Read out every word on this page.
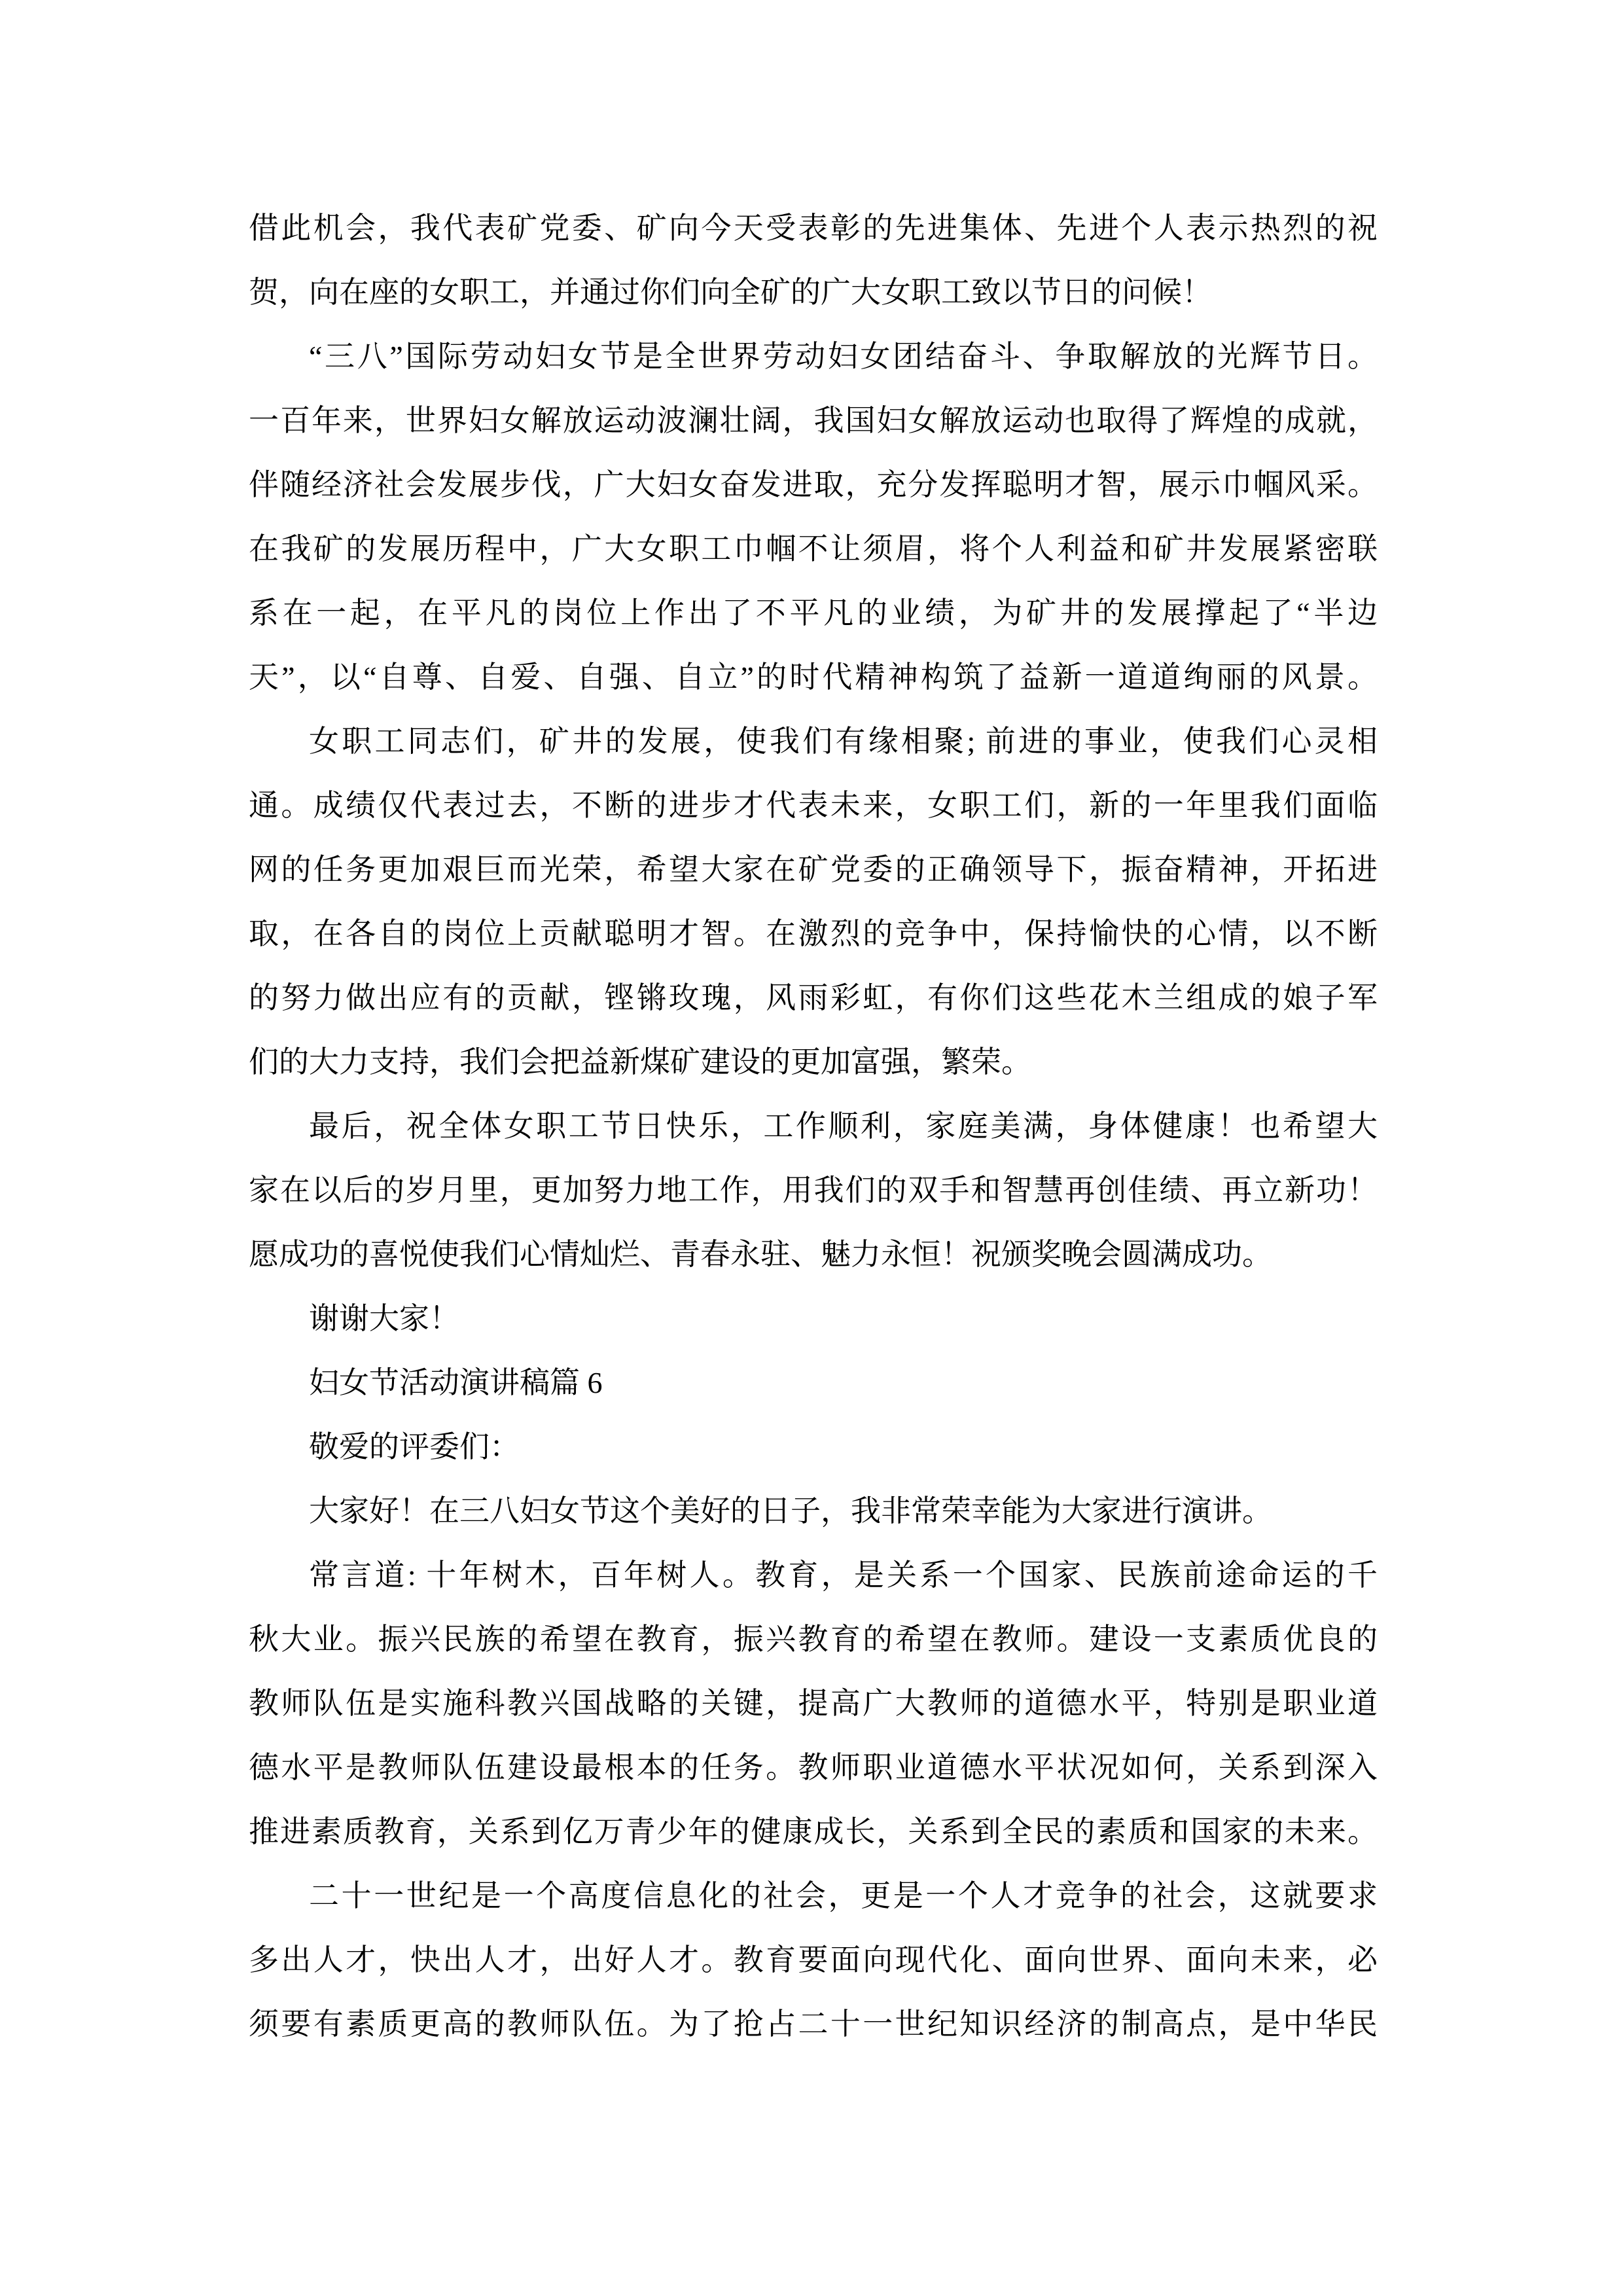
借此机会，我代表矿党委、矿向今天受表彰的先进集体、先进个人表示热烈的祝
贺，向在座的女职工，并通过你们向全矿的广大女职工致以节日的问候！
“三八”国际劳动妇女节是全世界劳动妇女团结奋斗、争取解放的光辉节日。
一百年来，世界妇女解放运动波澜壮阔，我国妇女解放运动也取得了辉煌的成就，
伴随经济社会发展步伐，广大妇女奋发进取，充分发挥聪明才智，展示巾帼风采。
在我矿的发展历程中，广大女职工巾帼不让须眉，将个人利益和矿井发展紧密联
系在一起，在平凡的岗位上作出了不平凡的业绩，为矿井的发展撑起了“半边
天”，以“自尊、自爱、自强、自立”的时代精神构筑了益新一道道绚丽的风景。
女职工同志们，矿井的发展，使我们有缘相聚; 前进的事业，使我们心灵相
通。成绩仅代表过去，不断的进步才代表未来，女职工们，新的一年里我们面临
网的任务更加艰巨而光荣，希望大家在矿党委的正确领导下，振奋精神，开拓进
取，在各自的岗位上贡献聪明才智。在激烈的竞争中，保持愉快的心情，以不断
的努力做出应有的贡献，铿锵玫瑰，风雨彩虹，有你们这些花木兰组成的娘子军
们的大力支持，我们会把益新煤矿建设的更加富强，繁荣。
最后，祝全体女职工节日快乐，工作顺利，家庭美满，身体健康！也希望大
家在以后的岁月里，更加努力地工作，用我们的双手和智慧再创佳绩、再立新功！
愿成功的喜悦使我们心情灿烂、青春永驻、魅力永恒！祝颁奖晚会圆满成功。
谢谢大家！
妇女节活动演讲稿篇 6
敬爱的评委们：
大家好！在三八妇女节这个美好的日子，我非常荣幸能为大家进行演讲。
常言道: 十年树木，百年树人。教育，是关系一个国家、民族前途命运的千
秋大业。振兴民族的希望在教育，振兴教育的希望在教师。建设一支素质优良的
教师队伍是实施科教兴国战略的关键，提高广大教师的道德水平，特别是职业道
德水平是教师队伍建设最根本的任务。教师职业道德水平状况如何，关系到深入
推进素质教育，关系到亿万青少年的健康成长，关系到全民的素质和国家的未来。
二十一世纪是一个高度信息化的社会，更是一个人才竞争的社会，这就要求
多出人才，快出人才，出好人才。教育要面向现代化、面向世界、面向未来，必
须要有素质更高的教师队伍。为了抢占二十一世纪知识经济的制高点，是中华民
